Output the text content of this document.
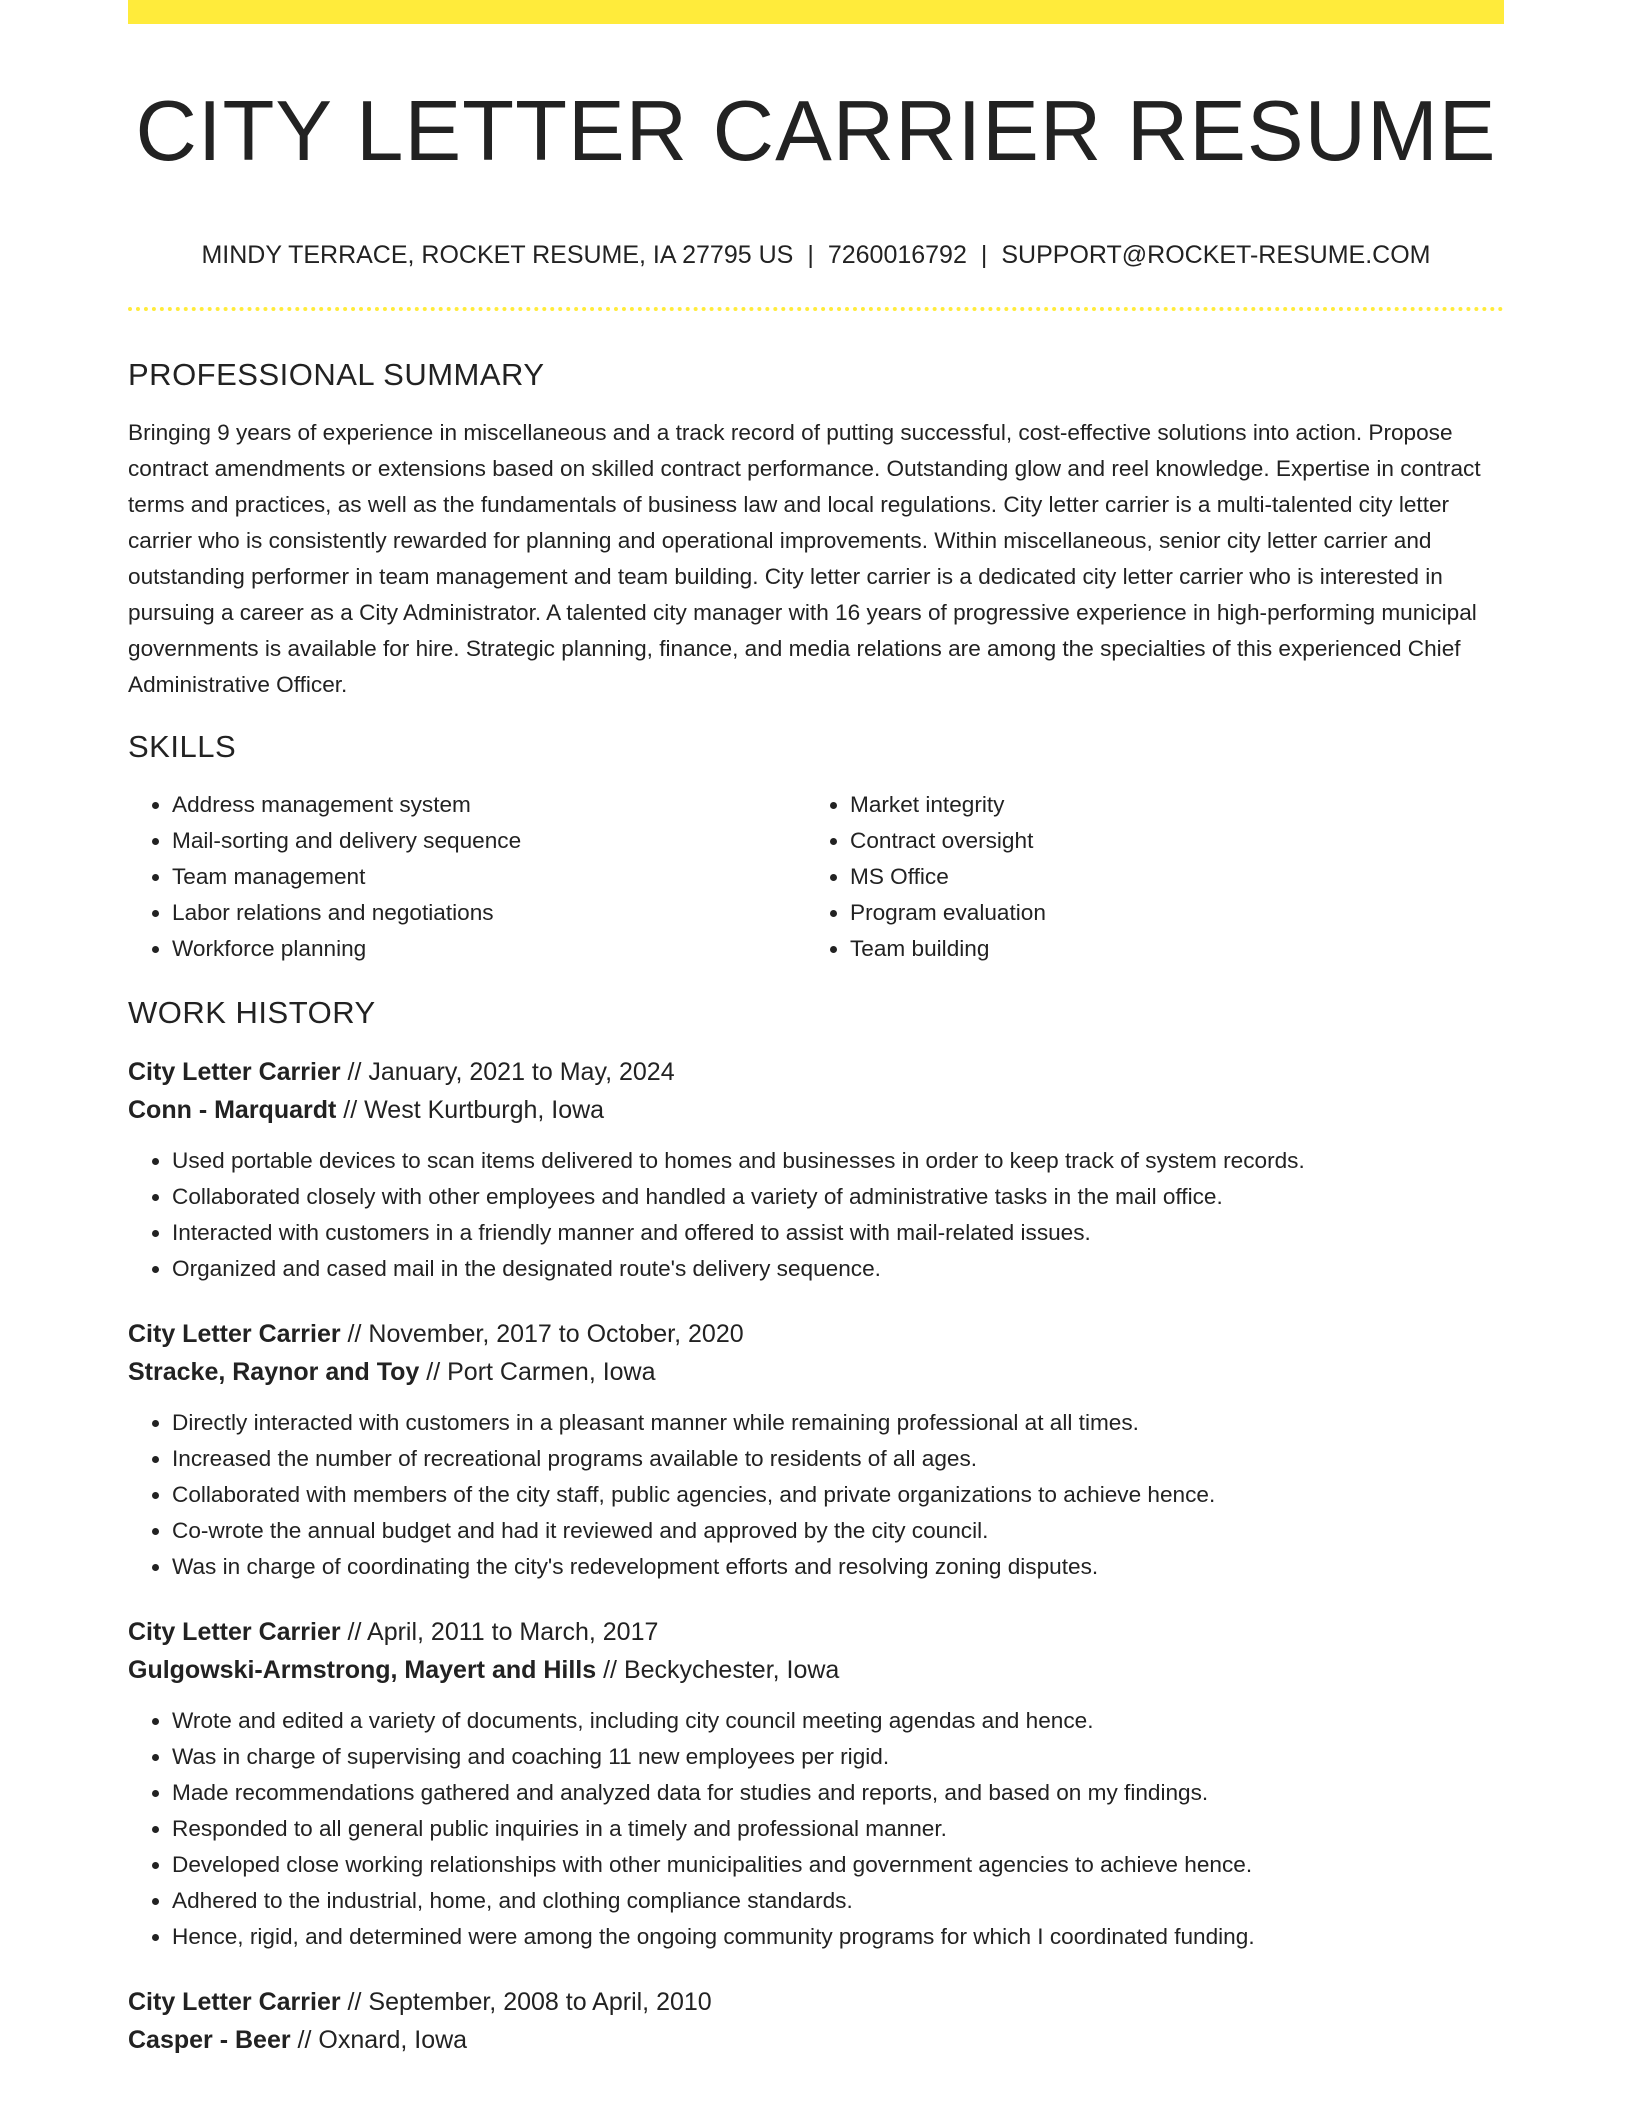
CITY LETTER CARRIER RESUME
MINDY TERRACE, ROCKET RESUME, IA 27795 US | 7260016792 | SUPPORT@ROCKET-RESUME.COM
PROFESSIONAL SUMMARY

Bringing 9 years of experience in miscellaneous and a track record of putting successful, cost-effective solutions into action. Propose contract amendments or extensions based on skilled contract performance. Outstanding glow and reel knowledge. Expertise in contract terms and practices, as well as the fundamentals of business law and local regulations. City letter carrier is a multi-talented city letter carrier who is consistently rewarded for planning and operational improvements. Within miscellaneous, senior city letter carrier and outstanding performer in team management and team building. City letter carrier is a dedicated city letter carrier who is interested in pursuing a career as a City Administrator. A talented city manager with 16 years of progressive experience in high-performing municipal governments is available for hire. Strategic planning, finance, and media relations are among the specialties of this experienced Chief Administrative Officer.

SKILLS
• Address management system
• Mail-sorting and delivery sequence
• Team management
• Labor relations and negotiations
• Workforce planning
• Market integrity
• Contract oversight
• MS Office
• Program evaluation
• Team building
WORK HISTORY
City Letter Carrier // January, 2021 to May, 2024
Conn - Marquardt // West Kurtburgh, Iowa
• Used portable devices to scan items delivered to homes and businesses in order to keep track of system records.
• Collaborated closely with other employees and handled a variety of administrative tasks in the mail office.
• Interacted with customers in a friendly manner and offered to assist with mail-related issues.
• Organized and cased mail in the designated route's delivery sequence.
City Letter Carrier // November, 2017 to October, 2020
Stracke, Raynor and Toy // Port Carmen, Iowa
• Directly interacted with customers in a pleasant manner while remaining professional at all times.
• Increased the number of recreational programs available to residents of all ages.
• Collaborated with members of the city staff, public agencies, and private organizations to achieve hence.
• Co-wrote the annual budget and had it reviewed and approved by the city council.
• Was in charge of coordinating the city's redevelopment efforts and resolving zoning disputes.
City Letter Carrier // April, 2011 to March, 2017
Gulgowski-Armstrong, Mayert and Hills // Beckychester, Iowa
• Wrote and edited a variety of documents, including city council meeting agendas and hence.
• Was in charge of supervising and coaching 11 new employees per rigid.
• Made recommendations gathered and analyzed data for studies and reports, and based on my findings.
• Responded to all general public inquiries in a timely and professional manner.
• Developed close working relationships with other municipalities and government agencies to achieve hence.
• Adhered to the industrial, home, and clothing compliance standards.
• Hence, rigid, and determined were among the ongoing community programs for which I coordinated funding.
City Letter Carrier // September, 2008 to April, 2010
Casper - Beer // Oxnard, Iowa
